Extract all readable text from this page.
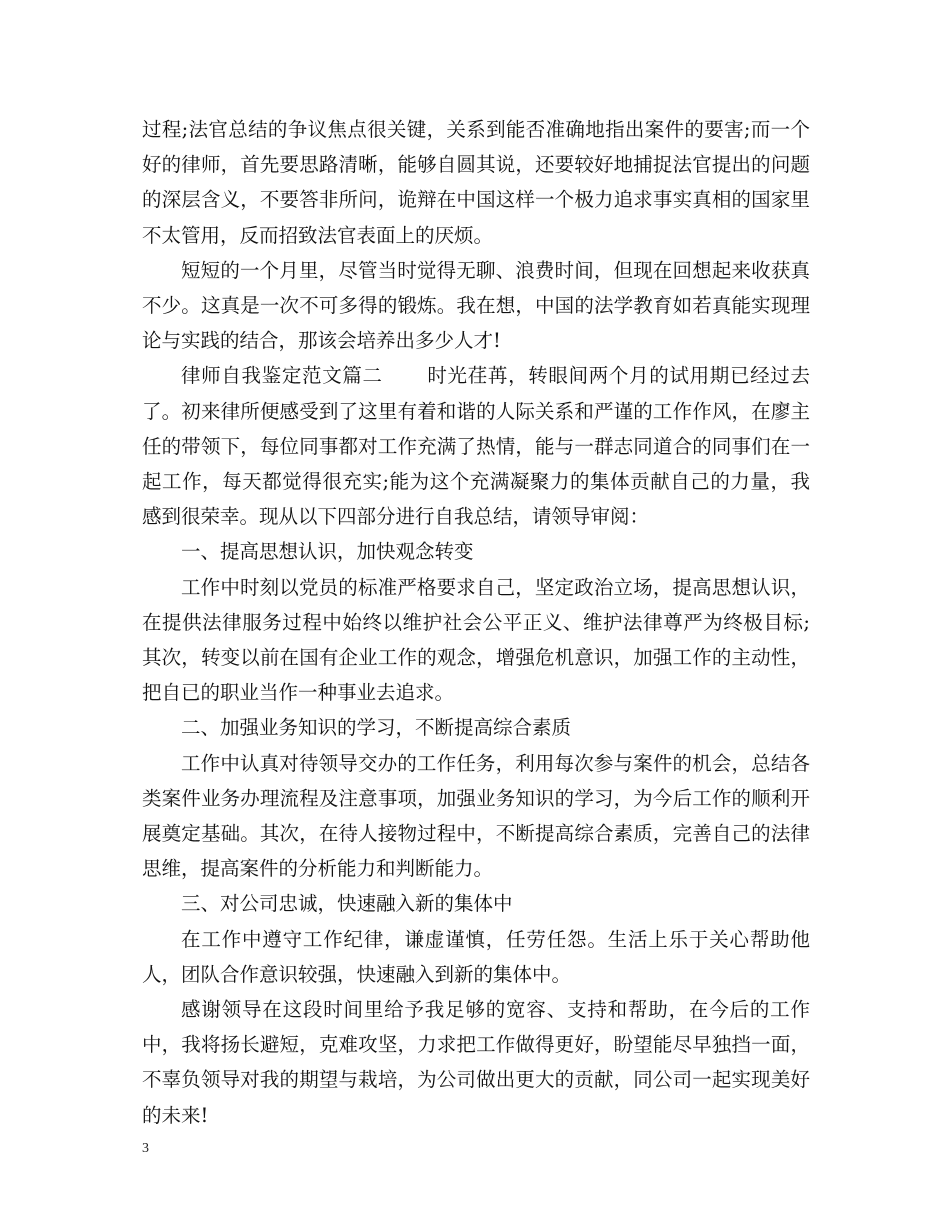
过程;法官总结的争议焦点很关键，关系到能否准确地指出案件的要害;而一个好的律师，首先要思路清晰，能够自圆其说，还要较好地捕捉法官提出的问题的深层含义，不要答非所问，诡辩在中国这样一个极力追求事实真相的国家里不太管用，反而招致法官表面上的厌烦。

短短的一个月里，尽管当时觉得无聊、浪费时间，但现在回想起来收获真不少。这真是一次不可多得的锻炼。我在想，中国的法学教育如若真能实现理论与实践的结合，那该会培养出多少人才!

律师自我鉴定范文篇二 时光荏苒，转眼间两个月的试用期已经过去了。初来律所便感受到了这里有着和谐的人际关系和严谨的工作作风，在廖主任的带领下，每位同事都对工作充满了热情，能与一群志同道合的同事们在一起工作，每天都觉得很充实;能为这个充满凝聚力的集体贡献自己的力量，我感到很荣幸。现从以下四部分进行自我总结，请领导审阅：

一、提高思想认识，加快观念转变

工作中时刻以党员的标准严格要求自己，坚定政治立场，提高思想认识，在提供法律服务过程中始终以维护社会公平正义、维护法律尊严为终极目标;其次，转变以前在国有企业工作的观念，增强危机意识，加强工作的主动性，把自已的职业当作一种事业去追求。

二、加强业务知识的学习，不断提高综合素质

工作中认真对待领导交办的工作任务，利用每次参与案件的机会，总结各类案件业务办理流程及注意事项，加强业务知识的学习，为今后工作的顺利开展奠定基础。其次，在待人接物过程中，不断提高综合素质，完善自己的法律思维，提高案件的分析能力和判断能力。

三、对公司忠诚，快速融入新的集体中

在工作中遵守工作纪律，谦虚谨慎，任劳任怨。生活上乐于关心帮助他人，团队合作意识较强，快速融入到新的集体中。

感谢领导在这段时间里给予我足够的宽容、支持和帮助，在今后的工作中，我将扬长避短，克难攻坚，力求把工作做得更好，盼望能尽早独挡一面，不辜负领导对我的期望与栽培，为公司做出更大的贡献，同公司一起实现美好的未来!

3
